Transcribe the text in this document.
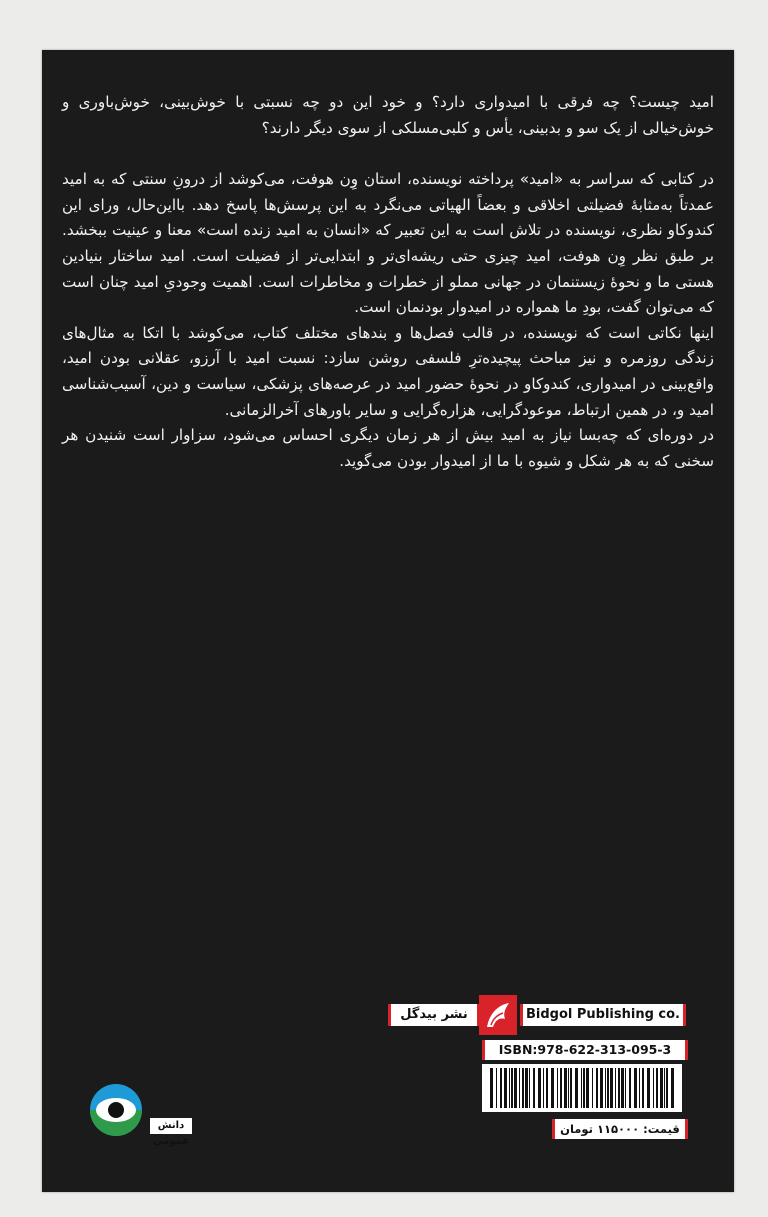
امید چیست؟ چه فرقی با امیدواری دارد؟ و خود این دو چه نسبتی با خوش‌بینی، خوش‌باوری و خوش‌خیالی از یک سو و بدبینی، یأس و کلبی‌مسلکی از سوی دیگر دارند؟

در کتابی که سراسر به «امید» پرداخته نویسنده، استان وِن هوفت، می‌کوشد از درونِ سنتی که به امید عمدتاً به‌مثابهٔ فضیلتی اخلاقی و بعضاً الهیاتی می‌نگرد به این پرسش‌ها پاسخ دهد. با‌این‌حال، ورای این کندوکاو نظری، نویسنده در تلاش است به این تعبیر که «انسان به امید زنده است» معنا و عینیت ببخشد. بر طبق نظر وِن هوفت، امید چیزی حتی ریشه‌ای‌تر و ابتدایی‌تر از فضیلت است. امید ساختار بنیادین هستی ما و نحوهٔ زیستنمان در جهانی مملو از خطرات و مخاطرات است. اهمیت وجودیِ امید چنان است که می‌توان گفت، بودِ ما همواره در امیدوار بودنمان است.

اینها نکاتی است که نویسنده، در قالب فصل‌ها و بندهای مختلف کتاب، می‌کوشد با اتکا به مثال‌های زندگی روزمره و نیز مباحث پیچیده‌ترِ فلسفی روشن سازد: نسبت امید با آرزو، عقلانی بودن امید، واقع‌بینی در امیدواری، کندوکاو در نحوهٔ حضور امید در عرصه‌های پزشکی، سیاست و دین، آسیب‌شناسی امید و، در همین ارتباط، موعودگرایی، هزاره‌گرایی و سایر باورهای آخرالزمانی.

در دوره‌ای که چه‌بسا نیاز به امید بیش از هر زمان دیگری احساس می‌شود، سزاوار است شنیدن هر سخنی که به هر شکل و شیوه با ما از امیدوار بودن می‌گوید.

نشر بیدگل	Bidgol Publishing co.
ISBN:978-622-313-095-3
قیمت: ۱۱۵۰۰۰ تومان
دانش عمومی
